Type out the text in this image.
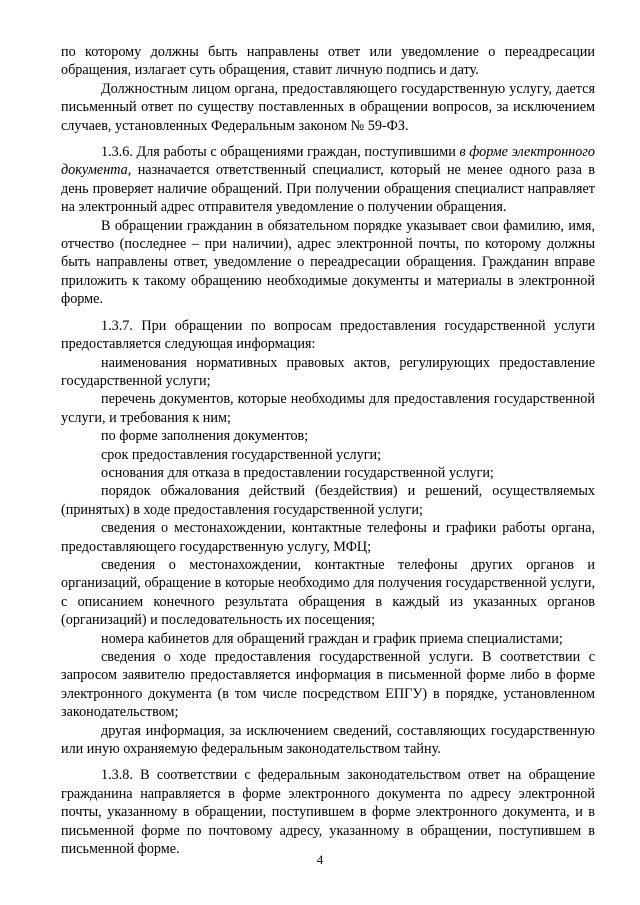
по которому должны быть направлены ответ или уведомление о переадресации обращения, излагает суть обращения, ставит личную подпись и дату.

Должностным лицом органа, предоставляющего государственную услугу, дается письменный ответ по существу поставленных в обращении вопросов, за исключением случаев, установленных Федеральным законом № 59-ФЗ.

1.3.6. Для работы с обращениями граждан, поступившими в форме электронного документа, назначается ответственный специалист, который не менее одного раза в день проверяет наличие обращений. При получении обращения специалист направляет на электронный адрес отправителя уведомление о получении обращения.

В обращении гражданин в обязательном порядке указывает свои фамилию, имя, отчество (последнее – при наличии), адрес электронной почты, по которому должны быть направлены ответ, уведомление о переадресации обращения. Гражданин вправе приложить к такому обращению необходимые документы и материалы в электронной форме.

1.3.7. При обращении по вопросам предоставления государственной услуги предоставляется следующая информация:

наименования нормативных правовых актов, регулирующих предоставление государственной услуги;

перечень документов, которые необходимы для предоставления государственной услуги, и требования к ним;

по форме заполнения документов;

срок предоставления государственной услуги;

основания для отказа в предоставлении государственной услуги;

порядок обжалования действий (бездействия) и решений, осуществляемых (принятых) в ходе предоставления государственной услуги;

сведения о местонахождении, контактные телефоны и графики работы органа, предоставляющего государственную услугу, МФЦ;

сведения о местонахождении, контактные телефоны других органов и организаций, обращение в которые необходимо для получения государственной услуги, с описанием конечного результата обращения в каждый из указанных органов (организаций) и последовательность их посещения;

номера кабинетов для обращений граждан и график приема специалистами;

сведения о ходе предоставления государственной услуги. В соответствии с запросом заявителю предоставляется информация в письменной форме либо в форме электронного документа (в том числе посредством ЕПГУ) в порядке, установленном законодательством;

другая информация, за исключением сведений, составляющих государственную или иную охраняемую федеральным законодательством тайну.

1.3.8. В соответствии с федеральным законодательством ответ на обращение гражданина направляется в форме электронного документа по адресу электронной почты, указанному в обращении, поступившем в форме электронного документа, и в письменной форме по почтовому адресу, указанному в обращении, поступившем в письменной форме.

4
